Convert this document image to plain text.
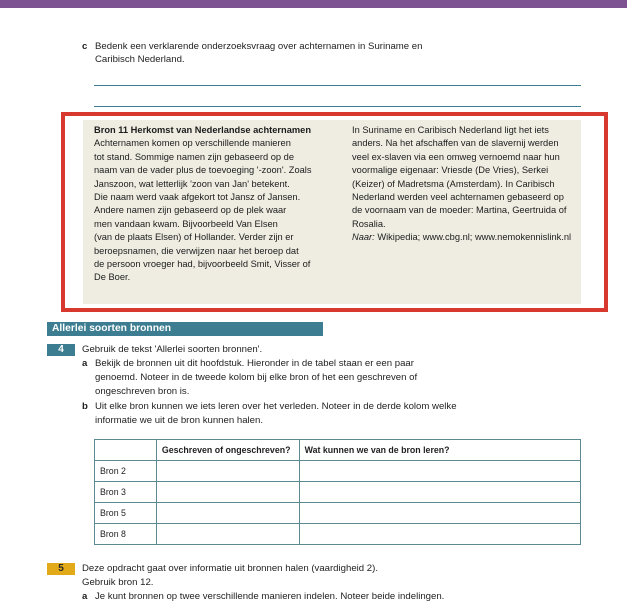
c Bedenk een verklarende onderzoeksvraag over achternamen in Suriname en
Caribisch Nederland.
Bron 11 Herkomst van Nederlandse achternamen
Achternamen komen op verschillende manieren
tot stand. Sommige namen zijn gebaseerd op de
naam van de vader plus de toevoeging '-zoon'. Zoals
Janszoon, wat letterlijk 'zoon van Jan' betekent.
Die naam werd vaak afgekort tot Jansz of Jansen.
Andere namen zijn gebaseerd op de plek waar
men vandaan kwam. Bijvoorbeeld Van Elsen
(van de plaats Elsen) of Hollander. Verder zijn er
beroepsnamen, die verwijzen naar het beroep dat
de persoon vroeger had, bijvoorbeeld Smit, Visser of
De Boer.
In Suriname en Caribisch Nederland ligt het iets
anders. Na het afschaffen van de slavernij werden
veel ex-slaven via een omweg vernoemd naar hun
voormalige eigenaar: Vriesde (De Vries), Serkei
(Keizer) of Madretsma (Amsterdam). In Caribisch
Nederland werden veel achternamen gebaseerd op
de voornaam van de moeder: Martina, Geertruida of
Rosalia.
Naar: Wikipedia; www.cbg.nl; www.nemokennislink.nl
Allerlei soorten bronnen
4	Gebruik de tekst 'Allerlei soorten bronnen'.
a Bekijk de bronnen uit dit hoofdstuk. Hieronder in de tabel staan er een paar
genoemd. Noteer in de tweede kolom bij elke bron of het een geschreven of
ongeschreven bron is.
b Uit elke bron kunnen we iets leren over het verleden. Noteer in de derde kolom welke
informatie we uit de bron kunnen halen.
	Geschreven of ongeschreven?	Wat kunnen we van de bron leren?
Bron 2		
Bron 3		
Bron 5		
Bron 8		
5	Deze opdracht gaat over informatie uit bronnen halen (vaardigheid 2).
Gebruik bron 12.
a Je kunt bronnen op twee verschillende manieren indelen. Noteer beide indelingen.
